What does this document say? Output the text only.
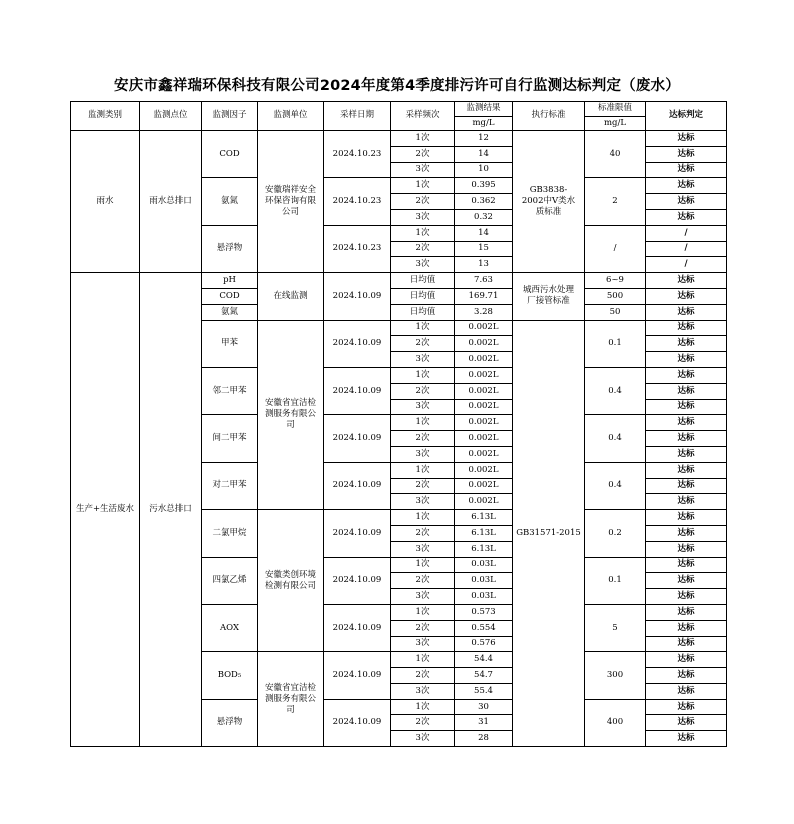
安庆市鑫祥瑞环保科技有限公司2024年度第4季度排污许可自行监测达标判定（废水）
监测类别	监测点位	监测因子	监测单位	采样日期	采样频次	监测结果	执行标准	标准限值	达标判定
						mg/L		mg/L	
雨水	雨水总排口	COD	安徽瑞祥安全环保咨询有限公司	2024.10.23	1次	12	GB3838-2002中Ⅴ类水质标准	40	达标
					2次	14			达标
					3次	10			达标
		氨氮		2024.10.23	1次	0.395		2	达标
					2次	0.362			达标
					3次	0.32			达标
		悬浮物		2024.10.23	1次	14		/	/
					2次	15			/
					3次	13			/
生产+生活废水	污水总排口	pH	在线监测	2024.10.09	日均值	7.63	城西污水处理厂接管标准	6~9	达标
		COD			日均值	169.71		500	达标
		氨氮			日均值	3.28		50	达标
		甲苯	安徽省宜洁检测服务有限公司	2024.10.09	1次	0.002L	GB31571-2015	0.1	达标
					2次	0.002L			达标
					3次	0.002L			达标
		邻二甲苯		2024.10.09	1次	0.002L		0.4	达标
					2次	0.002L			达标
					3次	0.002L			达标
		间二甲苯		2024.10.09	1次	0.002L		0.4	达标
					2次	0.002L			达标
					3次	0.002L			达标
		对二甲苯		2024.10.09	1次	0.002L		0.4	达标
					2次	0.002L			达标
					3次	0.002L			达标
		二氯甲烷	安徽类创环境检测有限公司	2024.10.09	1次	6.13L		0.2	达标
					2次	6.13L			达标
					3次	6.13L			达标
		四氯乙烯		2024.10.09	1次	0.03L		0.1	达标
					2次	0.03L			达标
					3次	0.03L			达标
		AOX		2024.10.09	1次	0.573		5	达标
					2次	0.554			达标
					3次	0.576			达标
		BOD₅	安徽省宜洁检测服务有限公司	2024.10.09	1次	54.4		300	达标
					2次	54.7			达标
					3次	55.4			达标
		悬浮物		2024.10.09	1次	30		400	达标
					2次	31			达标
					3次	28			达标
